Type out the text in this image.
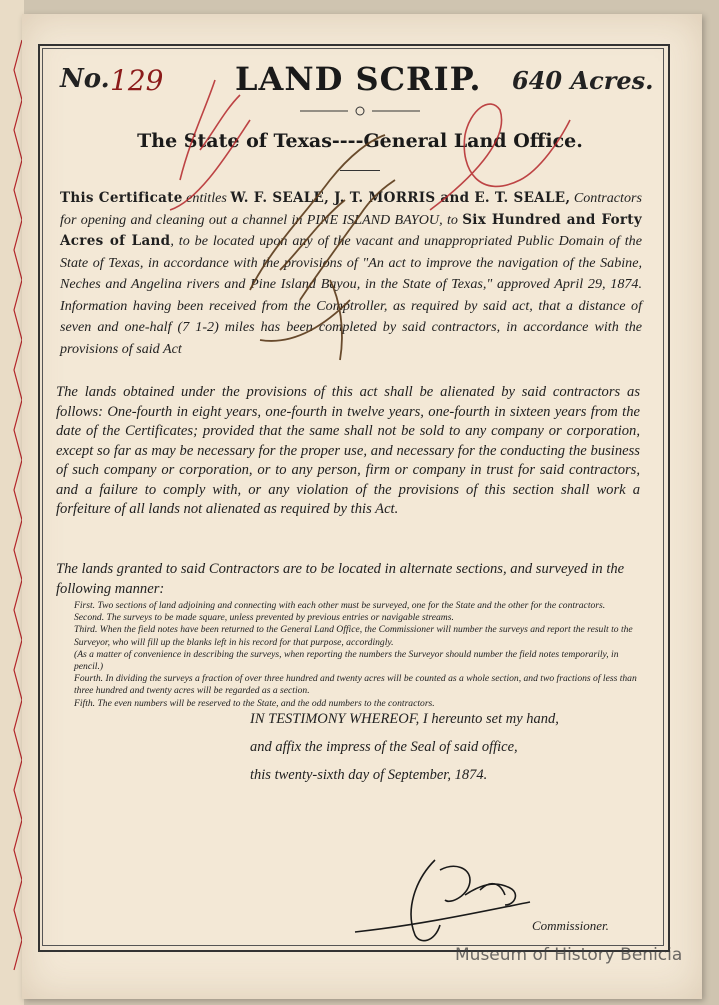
No. 129 LAND SCRIP. 640 Acres.
The State of Texas----General Land Office.
This Certificate entitles W. F. SEALE, J. T. MORRIS and E. T. SEALE, Contractors for opening and cleaning out a channel in PINE ISLAND BAYOU, to Six Hundred and Forty Acres of Land, to be located upon any of the vacant and unappropriated Public Domain of the State of Texas, in accordance with the provisions of "An act to improve the navigation of the Sabine, Neches and Angelina rivers and Pine Island Bayou, in the State of Texas," approved April 29, 1874. Information having been received from the Comptroller, as required by said act, that a distance of seven and one-half (7 1-2) miles has been completed by said contractors, in accordance with the provisions of said Act
The lands obtained under the provisions of this act shall be alienated by said contractors as follows: One-fourth in eight years, one-fourth in twelve years, one-fourth in sixteen years from the date of the Certificates; provided that the same shall not be sold to any company or corporation, except so far as may be necessary for the proper use, and necessary for the conducting the business of such company or corporation, or to any person, firm or company in trust for said contractors, and a failure to comply with, or any violation of the provisions of this section shall work a forfeiture of all lands not alienated as required by this Act.
The lands granted to said Contractors are to be located in alternate sections, and surveyed in the following manner:
First. Two sections of land adjoining and connecting with each other must be surveyed, one for the State and the other for the contractors.
Second. The surveys to be made square, unless prevented by previous entries or navigable streams.
Third. When the field notes have been returned to the General Land Office, the Commissioner will number the surveys and report the result to the Surveyor, who will fill up the blanks left in his record for that purpose, accordingly.
(As a matter of convenience in describing the surveys, when reporting the numbers the Surveyor should number the field notes temporarily, in pencil.)
Fourth. In dividing the surveys a fraction of over three hundred and twenty acres will be counted as a whole section, and two fractions of less than three hundred and twenty acres will be regarded as a section.
Fifth. The even numbers will be reserved to the State, and the odd numbers to the contractors.
IN TESTIMONY WHEREOF, I hereunto set my hand,
and affix the impress of the Seal of said office,
this twenty-sixth day of September, 1874.
Commissioner.
Museum of History Benicia
